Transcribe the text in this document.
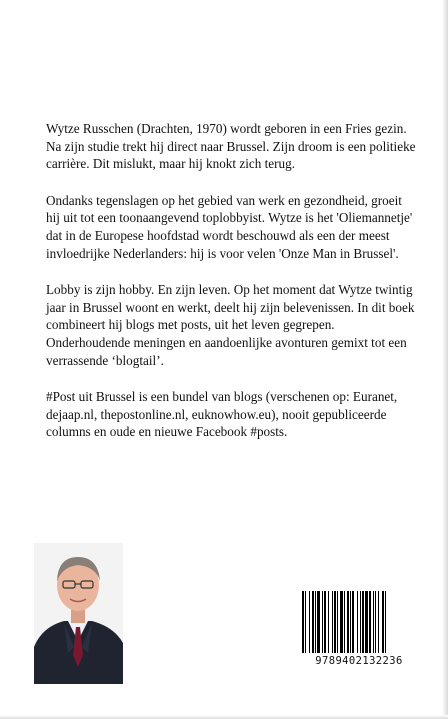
Wytze Russchen (Drachten, 1970) wordt geboren in een Fries gezin. Na zijn studie trekt hij direct naar Brussel. Zijn droom is een politieke carrière. Dit mislukt, maar hij knokt zich terug.

Ondanks tegenslagen op het gebied van werk en gezondheid, groeit hij uit tot een toonaangevend toplobbyist. Wytze is het 'Oliemannetje' dat in de Europese hoofdstad wordt beschouwd als een der meest invloedrijke Nederlanders: hij is voor velen 'Onze Man in Brussel'.

Lobby is zijn hobby. En zijn leven. Op het moment dat Wytze twintig jaar in Brussel woont en werkt, deelt hij zijn belevenissen. In dit boek combineert hij blogs met posts, uit het leven gegrepen. Onderhoudende meningen en aandoenlijke avonturen gemixt tot een verrassende ‘blogtail’.

#Post uit Brussel is een bundel van blogs (verschenen op: Euranet, dejaap.nl, thepostonline.nl, euknowhow.eu), nooit gepubliceerde columns en oude en nieuwe Facebook #posts.

9789402132236
